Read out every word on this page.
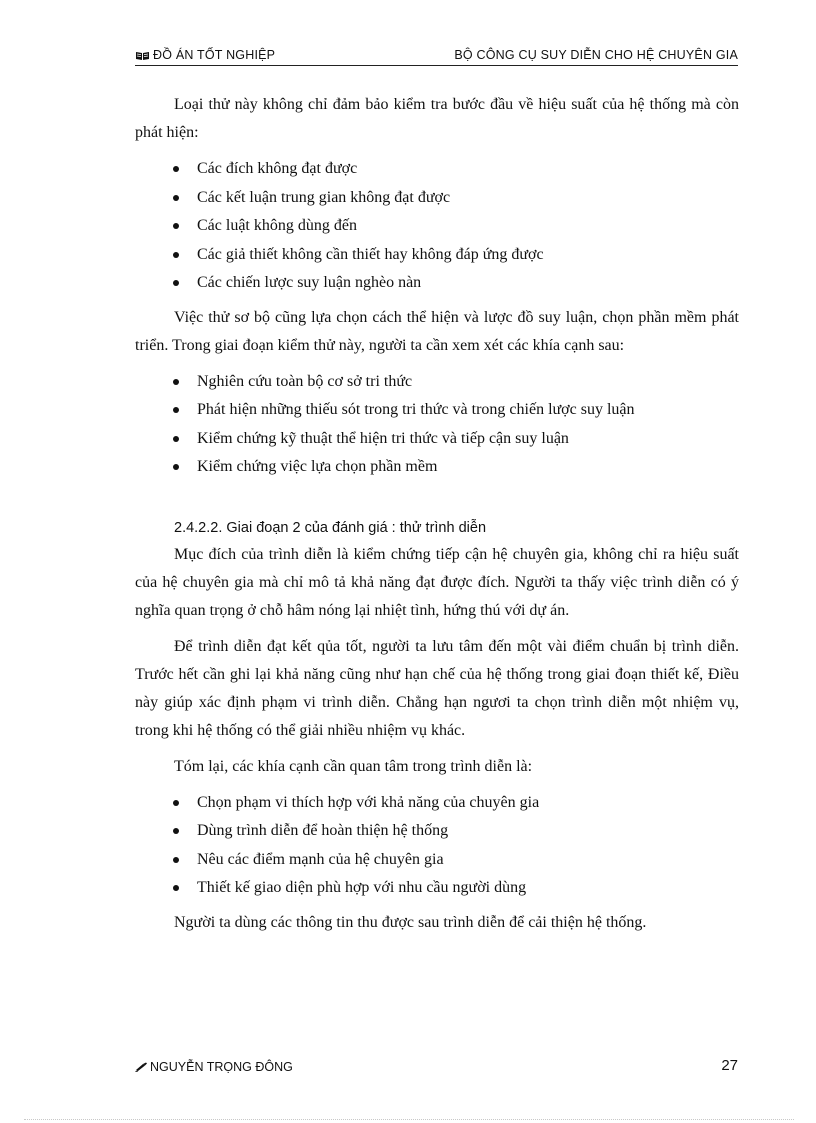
ĐỒ ÁN TỐT NGHIỆP	BỘ CÔNG CỤ SUY DIỄN CHO HỆ CHUYÊN GIA

Loại thử này không chỉ đảm bảo kiểm tra bước đầu về hiệu suất của hệ thống mà còn phát hiện:

Các đích không đạt được
Các kết luận trung gian không đạt được
Các luật không dùng đến
Các giả thiết không cần thiết hay không đáp ứng được
Các chiến lược suy luận nghèo nàn

Việc thử sơ bộ cũng lựa chọn cách thể hiện và lược đồ suy luận, chọn phần mềm phát triển. Trong giai đoạn kiểm thử này, người ta cần xem xét các khía cạnh sau:

Nghiên cứu toàn bộ cơ sở tri thức
Phát hiện những thiếu sót trong tri thức và trong chiến lược suy luận
Kiểm chứng kỹ thuật thể hiện tri thức và tiếp cận suy luận
Kiểm chứng việc lựa chọn phần mềm
2.4.2.2. Giai đoạn 2 của đánh giá : thử trình diễn

Mục đích của trình diễn là kiểm chứng tiếp cận hệ chuyên gia, không chỉ ra hiệu suất của hệ chuyên gia mà chỉ mô tả khả năng đạt được đích. Người ta thấy việc trình diễn có ý nghĩa quan trọng ở chỗ hâm nóng lại nhiệt tình, hứng thú với dự án.

Để trình diễn đạt kết qủa tốt, người ta lưu tâm đến một vài điểm chuẩn bị trình diễn. Trước hết cần ghi lại khả năng cũng như hạn chế của hệ thống trong giai đoạn thiết kế, Điều này giúp xác định phạm vi trình diễn. Chẳng hạn ngươi ta chọn trình diễn một nhiệm vụ, trong khi hệ thống có thể giải nhiều nhiệm vụ khác.

Tóm lại, các khía cạnh cần quan tâm trong trình diễn là:

Chọn phạm vi thích hợp với khả năng của chuyên gia
Dùng trình diễn để hoàn thiện hệ thống
Nêu các điểm mạnh của hệ chuyên gia
Thiết kế giao diện phù hợp với nhu cầu người dùng

Người ta dùng các thông tin thu được sau trình diễn để cải thiện hệ thống.

NGUYỄN TRỌNG ĐÔNG	27
